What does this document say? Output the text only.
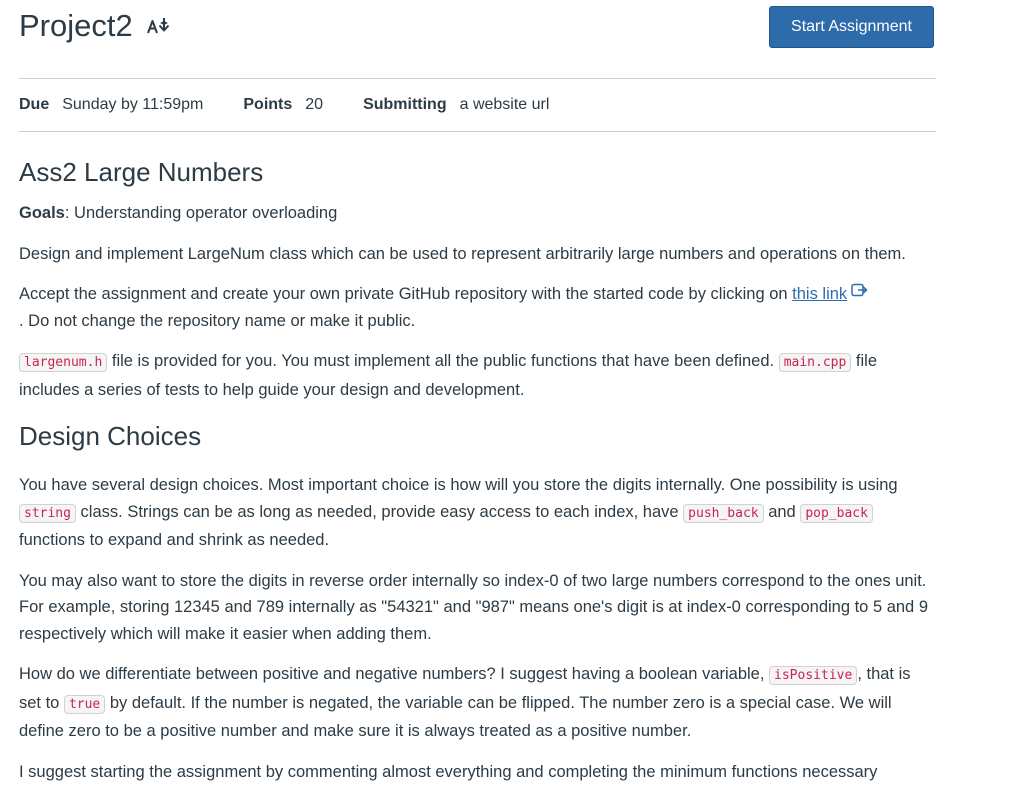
Project2	Start Assignment
Due Sunday by 11:59pm	Points 20	Submitting a website url
Ass2 Large Numbers

Goals: Understanding operator overloading

Design and implement LargeNum class which can be used to represent arbitrarily large numbers and operations on them.

Accept the assignment and create your own private GitHub repository with the started code by clicking on this link
. Do not change the repository name or make it public.

largenum.h file is provided for you. You must implement all the public functions that have been defined. main.cpp file includes a series of tests to help guide your design and development.

Design Choices

You have several design choices. Most important choice is how will you store the digits internally. One possibility is using string class. Strings can be as long as needed, provide easy access to each index, have push_back and pop_back functions to expand and shrink as needed.

You may also want to store the digits in reverse order internally so index-0 of two large numbers correspond to the ones unit. For example, storing 12345 and 789 internally as "54321" and "987" means one's digit is at index-0 corresponding to 5 and 9 respectively which will make it easier when adding them.

How do we differentiate between positive and negative numbers? I suggest having a boolean variable, isPositive , that is set to true by default. If the number is negated, the variable can be flipped. The number zero is a special case. We will define zero to be a positive number and make sure it is always treated as a positive number.

I suggest starting the assignment by commenting almost everything and completing the minimum functions necessary
